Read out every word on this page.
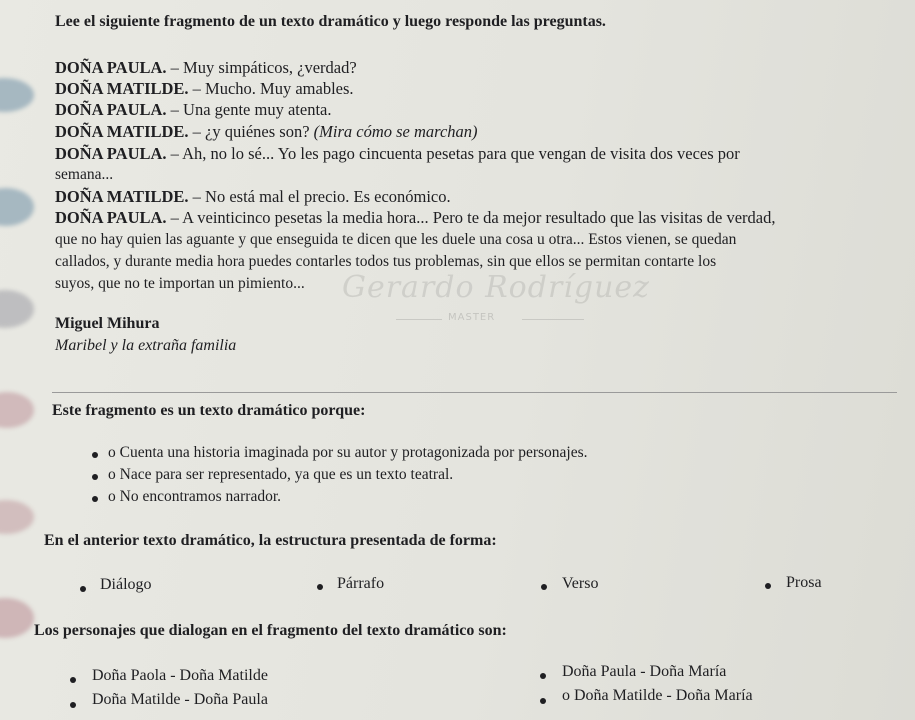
Lee el siguiente fragmento de un texto dramático y luego responde las preguntas.
DOÑA PAULA. – Muy simpáticos, ¿verdad?
DOÑA MATILDE. – Mucho. Muy amables.
DOÑA PAULA. – Una gente muy atenta.
DOÑA MATILDE. – ¿y quiénes son? (Mira cómo se marchan)
DOÑA PAULA. – Ah, no lo sé... Yo les pago cincuenta pesetas para que vengan de visita dos veces por
semana...
DOÑA MATILDE. – No está mal el precio. Es económico.
DOÑA PAULA. – A veinticinco pesetas la media hora... Pero te da mejor resultado que las visitas de verdad,
que no hay quien las aguante y que enseguida te dicen que les duele una cosa u otra... Estos vienen, se quedan
callados, y durante media hora puedes contarles todos tus problemas, sin que ellos se permitan contarte los
suyos, que no te importan un pimiento... Gerardo Rodríguez
MASTER
Miguel Mihura
Maribel y la extraña familia
Este fragmento es un texto dramático porque:
o Cuenta una historia imaginada por su autor y protagonizada por personajes.
o Nace para ser representado, ya que es un texto teatral.
o No encontramos narrador.
En el anterior texto dramático, la estructura presentada de forma:
Diálogo	Párrafo	Verso	Prosa
Los personajes que dialogan en el fragmento del texto dramático son:
Doña Paola - Doña Matilde	Doña Paula - Doña María
Doña Matilde - Doña Paula	o Doña Matilde - Doña María
